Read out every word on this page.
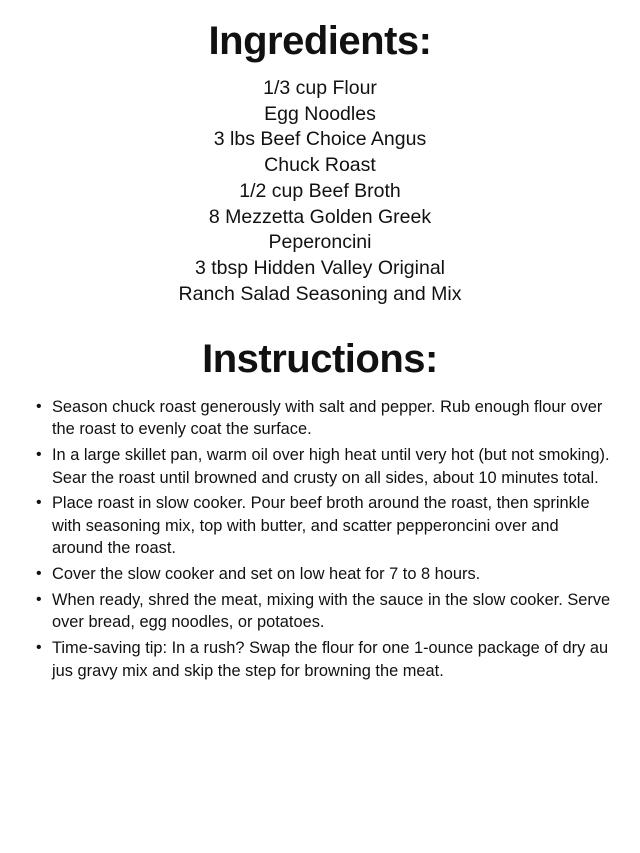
Ingredients:
1/3 cup Flour
Egg Noodles
3 lbs Beef Choice Angus
Chuck Roast
1/2 cup Beef Broth
8 Mezzetta Golden Greek
Peperoncini
3 tbsp Hidden Valley Original
Ranch Salad Seasoning and Mix
Instructions:
• Season chuck roast generously with salt and pepper. Rub enough flour over the roast to evenly coat the surface.
• In a large skillet pan, warm oil over high heat until very hot (but not smoking). Sear the roast until browned and crusty on all sides, about 10 minutes total.
• Place roast in slow cooker. Pour beef broth around the roast, then sprinkle with seasoning mix, top with butter, and scatter pepperoncini over and around the roast.
• Cover the slow cooker and set on low heat for 7 to 8 hours.
• When ready, shred the meat, mixing with the sauce in the slow cooker. Serve over bread, egg noodles, or potatoes.
• Time-saving tip: In a rush? Swap the flour for one 1-ounce package of dry au jus gravy mix and skip the step for browning the meat.
